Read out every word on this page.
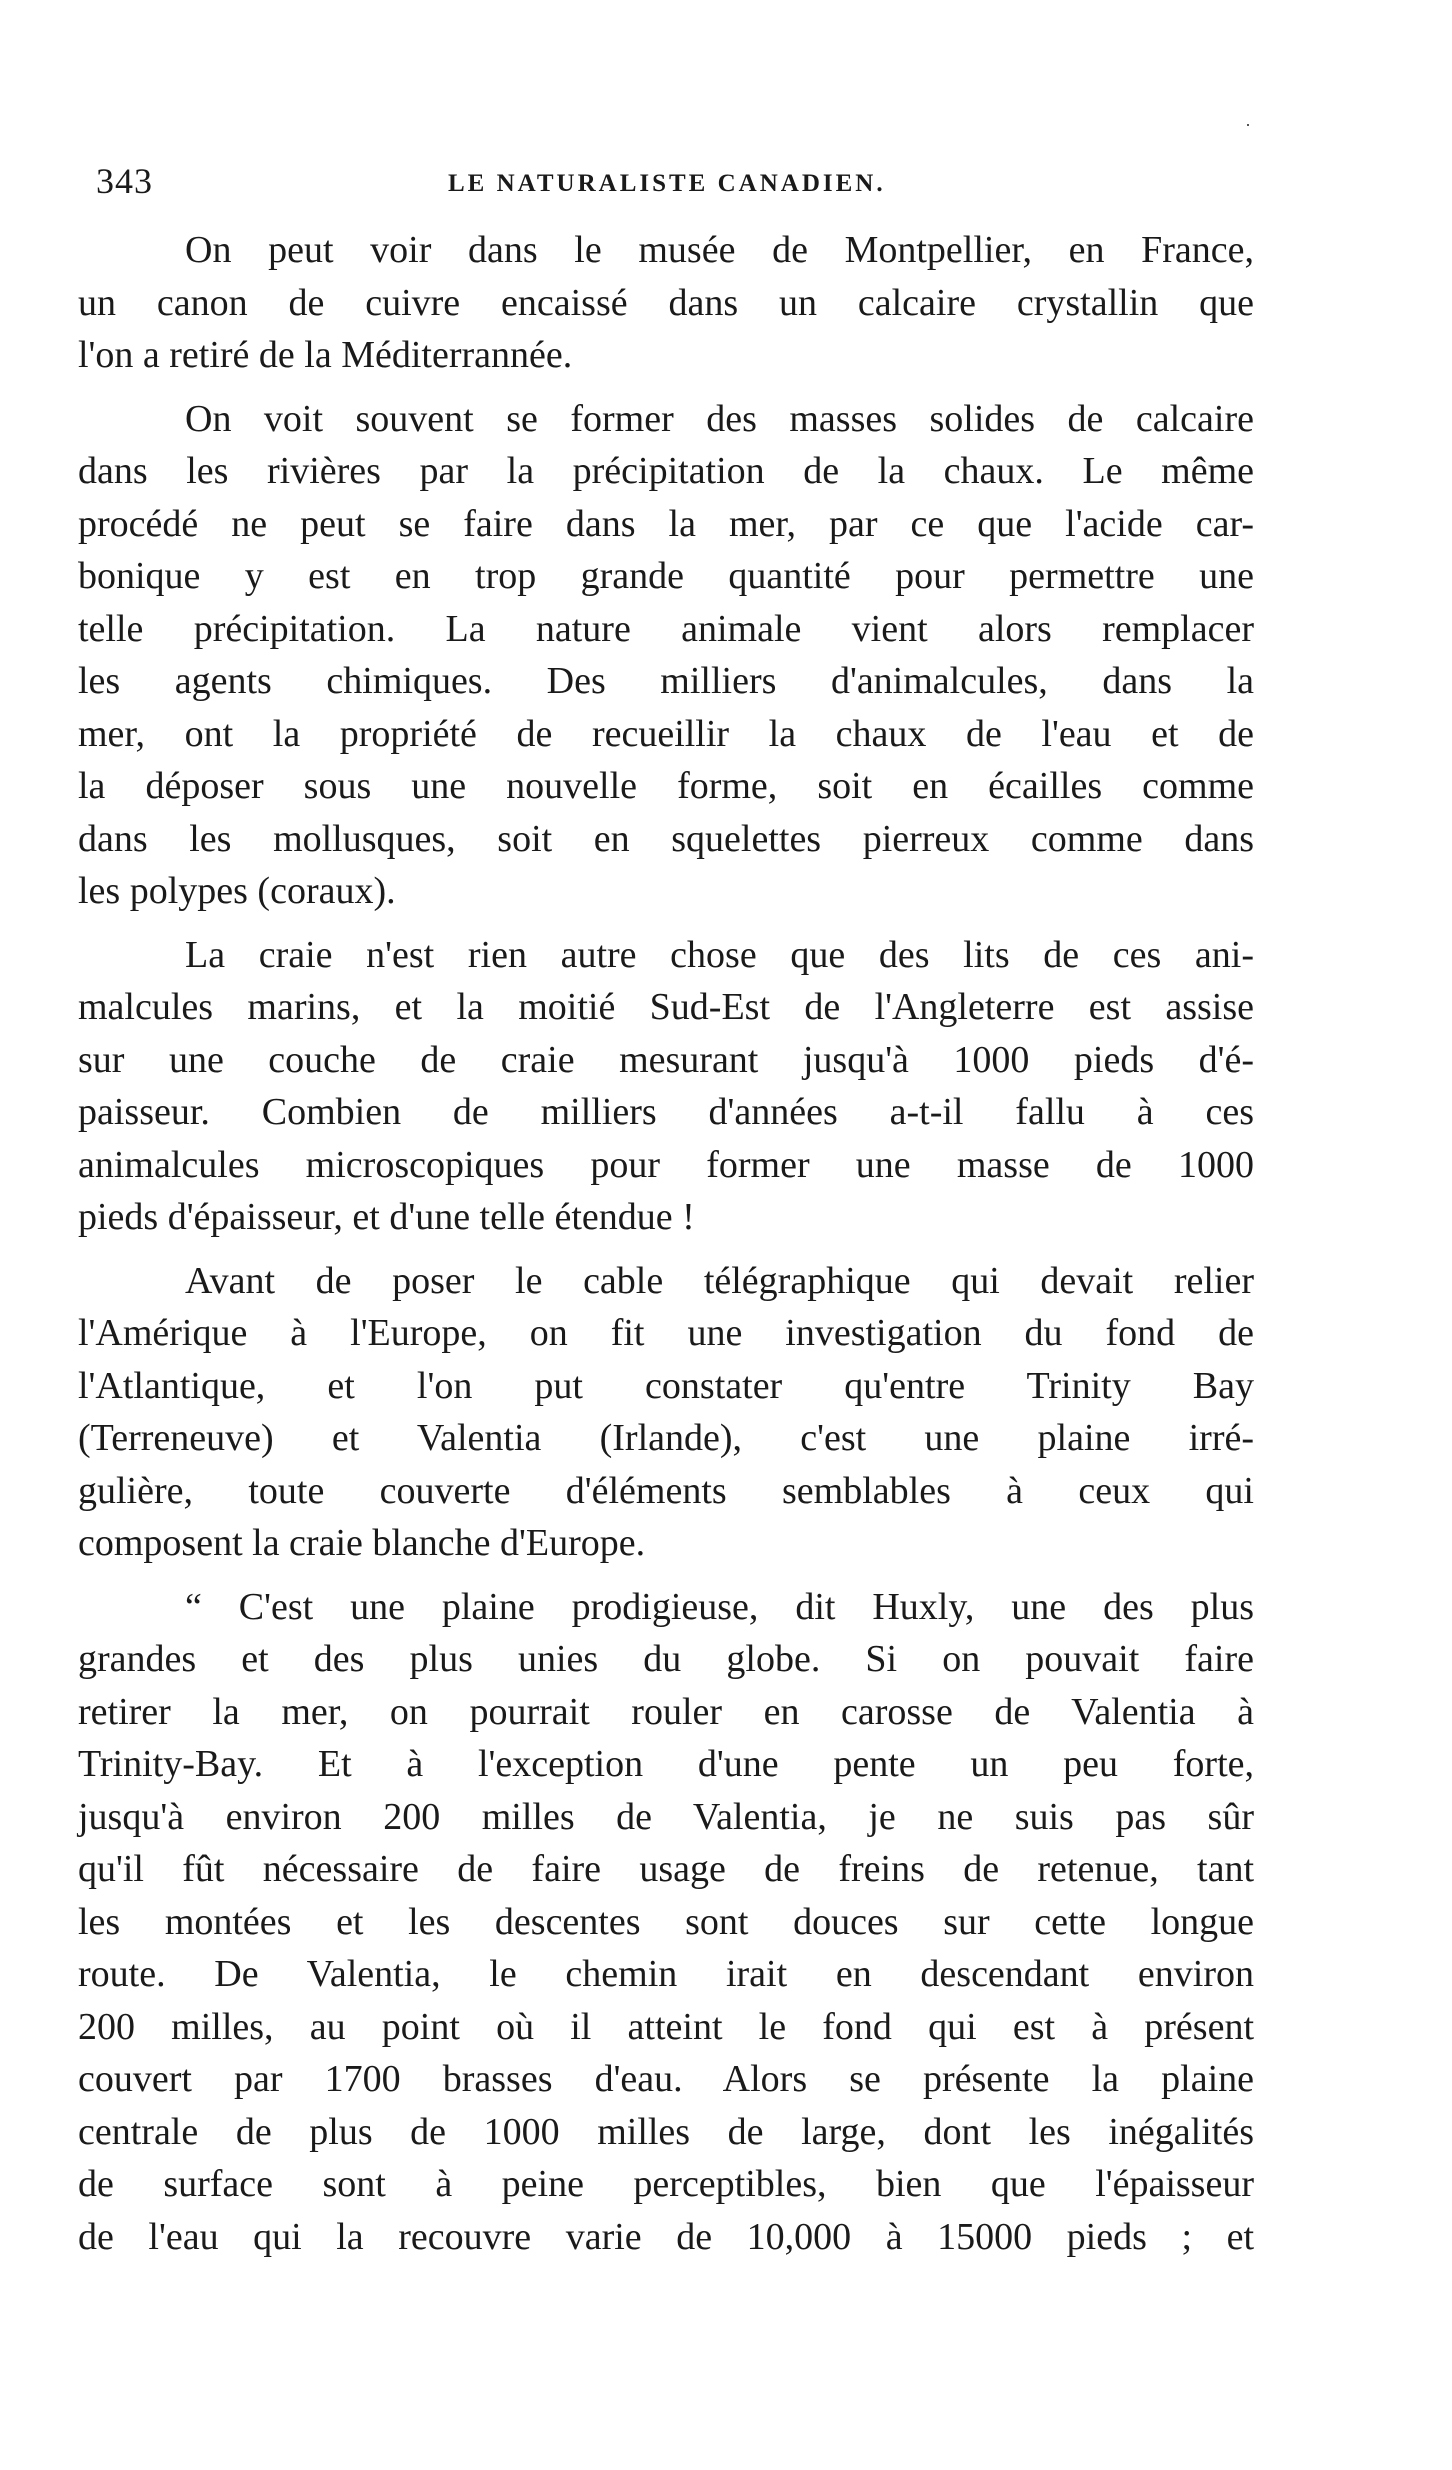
343	LE NATURALISTE CANADIEN.
On peut voir dans le musée de Montpellier, en France,
un canon de cuivre encaissé dans un calcaire crystallin que
l'on a retiré de la Méditerrannée.
On voit souvent se former des masses solides de calcaire
dans les rivières par la précipitation de la chaux. Le même
procédé ne peut se faire dans la mer, par ce que l'acide car-
bonique y est en trop grande quantité pour permettre une
telle précipitation. La nature animale vient alors remplacer
les agents chimiques. Des milliers d'animalcules, dans la
mer, ont la propriété de recueillir la chaux de l'eau et de
la déposer sous une nouvelle forme, soit en écailles comme
dans les mollusques, soit en squelettes pierreux comme dans
les polypes (coraux).
La craie n'est rien autre chose que des lits de ces ani-
malcules marins, et la moitié Sud-Est de l'Angleterre est assise
sur une couche de craie mesurant jusqu'à 1000 pieds d'é-
paisseur. Combien de milliers d'années a-t-il fallu à ces
animalcules microscopiques pour former une masse de 1000
pieds d'épaisseur, et d'une telle étendue !
Avant de poser le cable télégraphique qui devait relier
l'Amérique à l'Europe, on fit une investigation du fond de
l'Atlantique, et l'on put constater qu'entre Trinity Bay
(Terreneuve) et Valentia (Irlande), c'est une plaine irré-
gulière, toute couverte d'éléments semblables à ceux qui
composent la craie blanche d'Europe.
“ C'est une plaine prodigieuse, dit Huxly, une des plus
grandes et des plus unies du globe. Si on pouvait faire
retirer la mer, on pourrait rouler en carosse de Valentia à
Trinity-Bay. Et à l'exception d'une pente un peu forte,
jusqu'à environ 200 milles de Valentia, je ne suis pas sûr
qu'il fût nécessaire de faire usage de freins de retenue, tant
les montées et les descentes sont douces sur cette longue
route. De Valentia, le chemin irait en descendant environ
200 milles, au point où il atteint le fond qui est à présent
couvert par 1700 brasses d'eau. Alors se présente la plaine
centrale de plus de 1000 milles de large, dont les inégalités
de surface sont à peine perceptibles, bien que l'épaisseur
de l'eau qui la recouvre varie de 10,000 à 15000 pieds ; et
